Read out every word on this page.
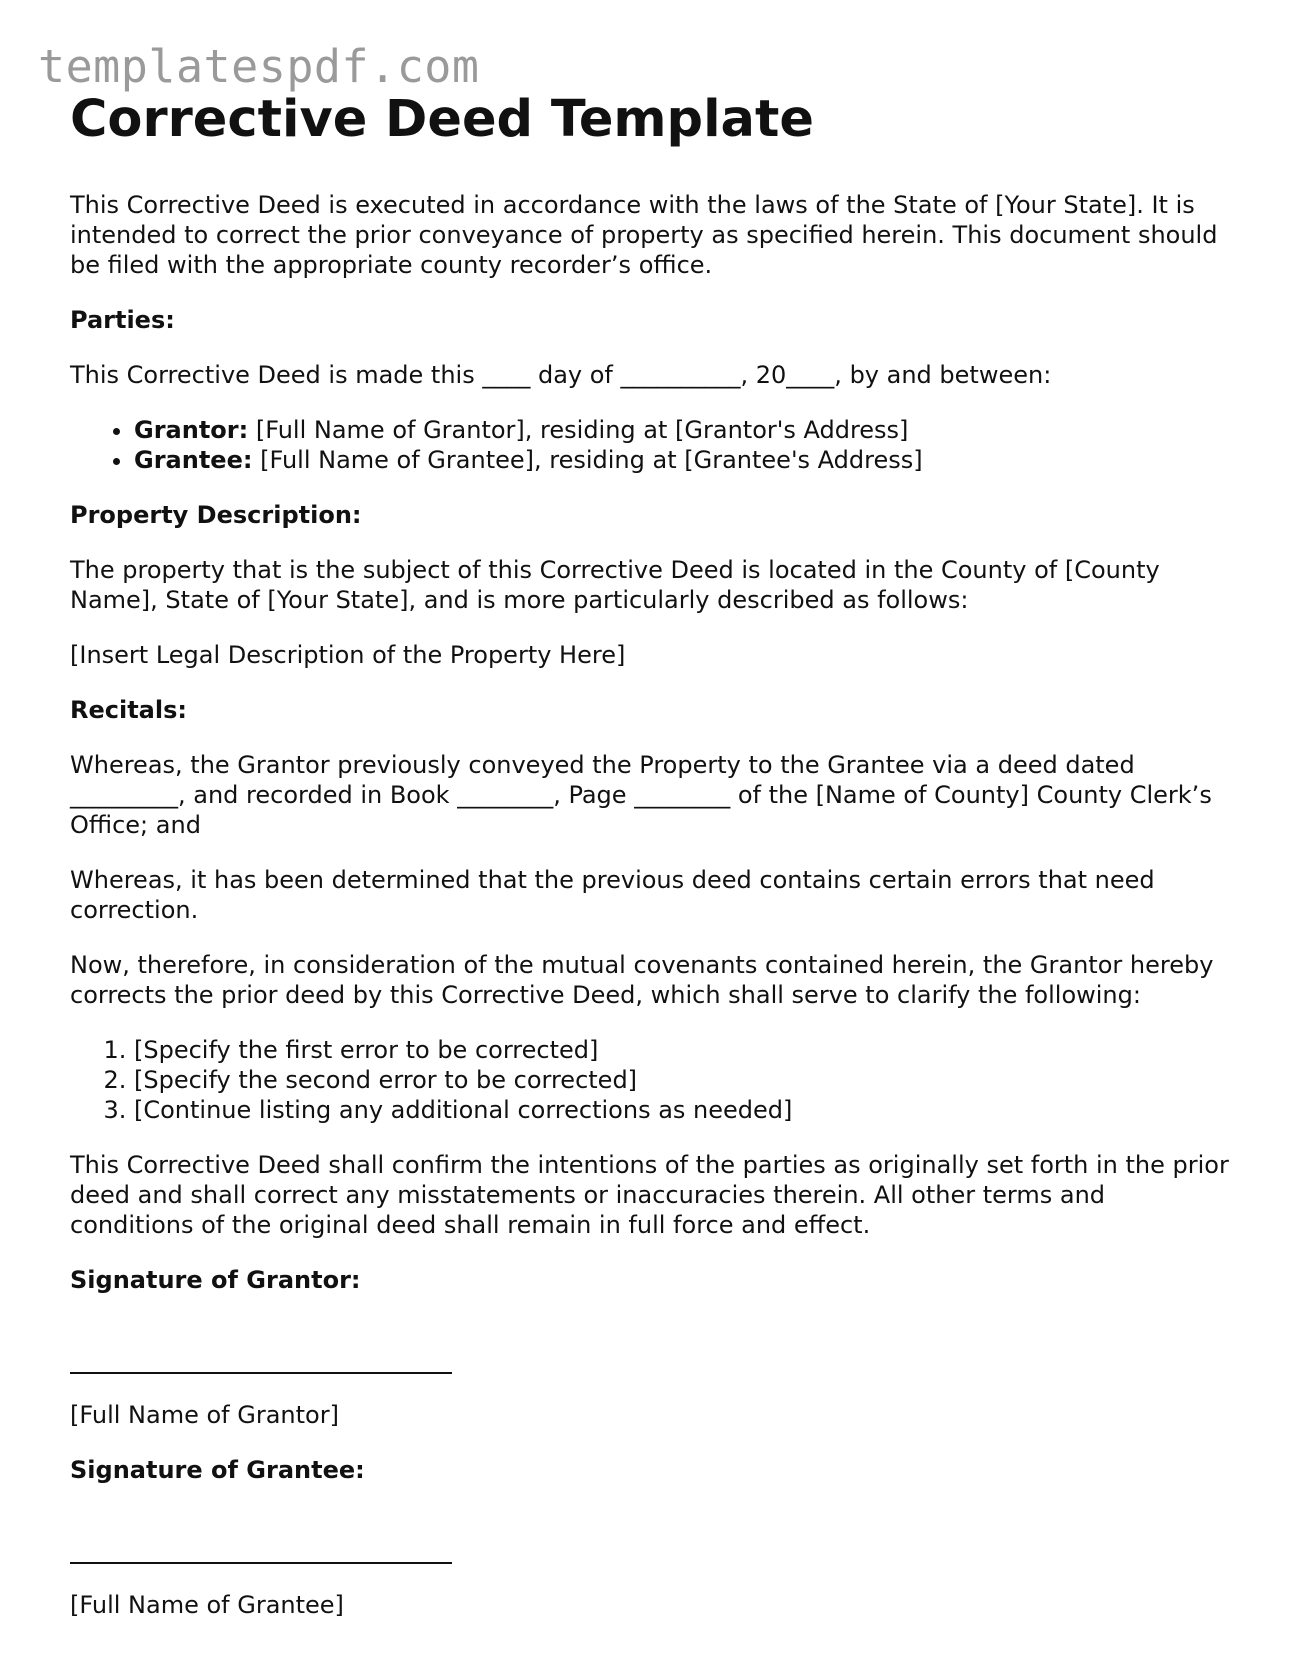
templatespdf.com
Corrective Deed Template

This Corrective Deed is executed in accordance with the laws of the State of [Your State]. It is intended to correct the prior conveyance of property as specified herein. This document should be filed with the appropriate county recorder’s office.

Parties:

This Corrective Deed is made this ____ day of __________, 20____, by and between:

• Grantor: [Full Name of Grantor], residing at [Grantor's Address]
• Grantee: [Full Name of Grantee], residing at [Grantee's Address]

Property Description:

The property that is the subject of this Corrective Deed is located in the County of [County Name], State of [Your State], and is more particularly described as follows:

[Insert Legal Description of the Property Here]

Recitals:

Whereas, the Grantor previously conveyed the Property to the Grantee via a deed dated _________, and recorded in Book ________, Page ________ of the [Name of County] County Clerk’s Office; and

Whereas, it has been determined that the previous deed contains certain errors that need correction.

Now, therefore, in consideration of the mutual covenants contained herein, the Grantor hereby corrects the prior deed by this Corrective Deed, which shall serve to clarify the following:

1. [Specify the first error to be corrected]
2. [Specify the second error to be corrected]
3. [Continue listing any additional corrections as needed]

This Corrective Deed shall confirm the intentions of the parties as originally set forth in the prior deed and shall correct any misstatements or inaccuracies therein. All other terms and conditions of the original deed shall remain in full force and effect.

Signature of Grantor:

[Full Name of Grantor]

Signature of Grantee:

[Full Name of Grantee]
